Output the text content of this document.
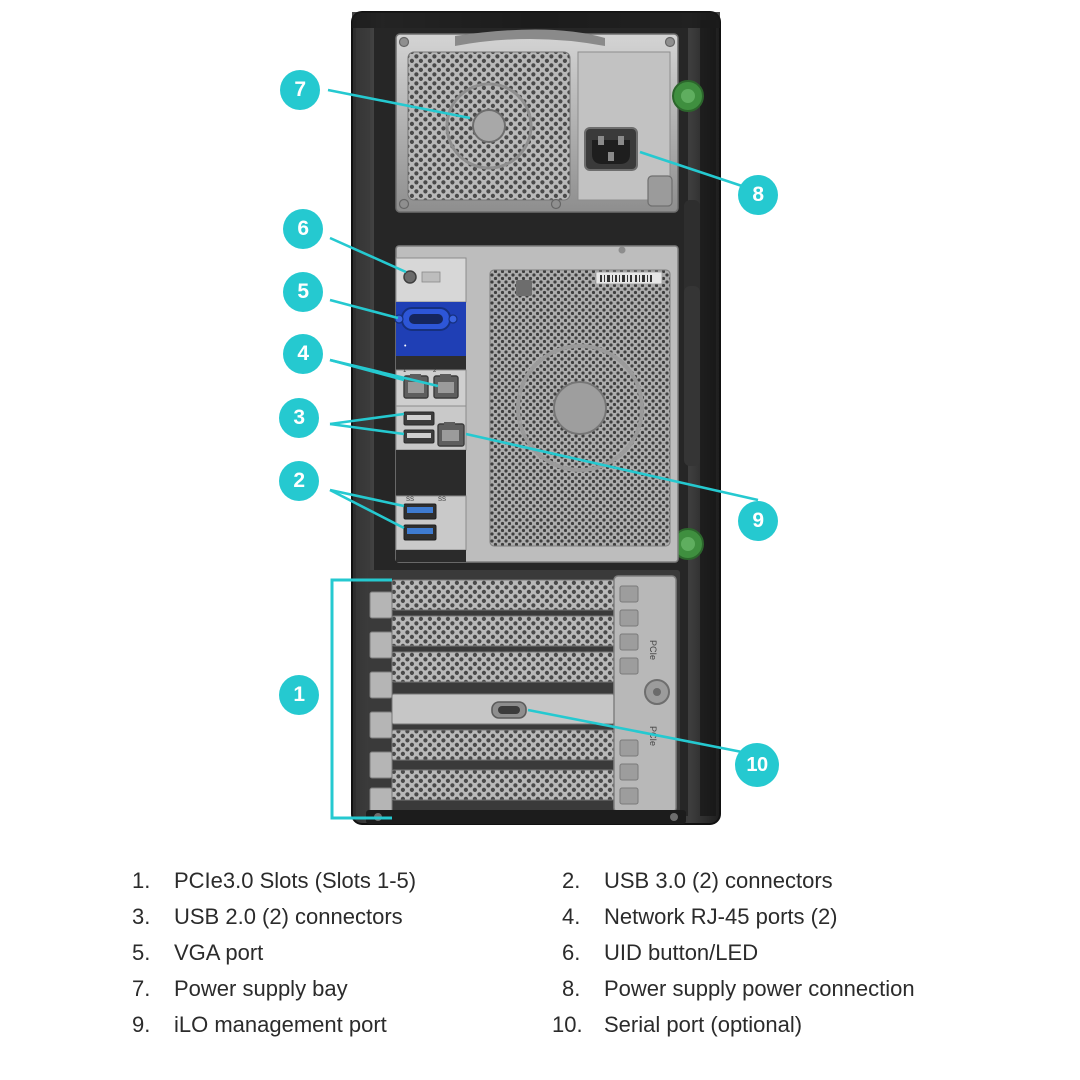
•
1	2
SS	SS
PCIe
PCIe
7
8
6
5
4
3
2
9
1
10
1.	PCIe3.0 Slots (Slots 1-5)
3.	USB 2.0 (2) connectors
5.	VGA port
7.	Power supply bay
9.	iLO management port
2.	USB 3.0 (2) connectors
4.	Network RJ-45 ports (2)
6.	UID button/LED
8.	Power supply power connection
10. Serial port (optional)
